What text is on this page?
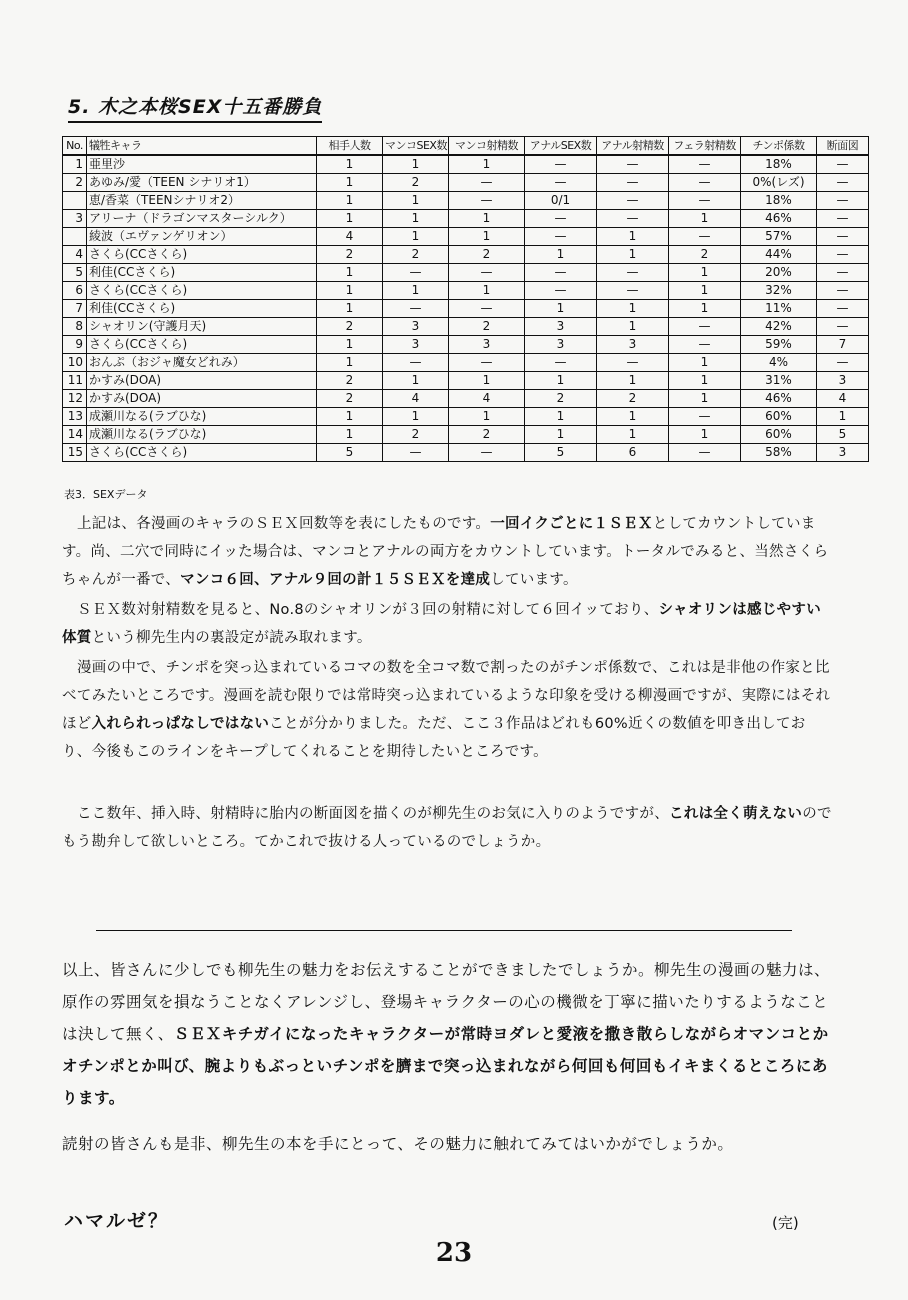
5. 木之本桜SEX十五番勝負
No.	犠牲キャラ	相手人数	マンコSEX数	マンコ射精数	アナルSEX数	アナル射精数	フェラ射精数	チンポ係数	断面図
1	亜里沙	1	1	1	—	—	—	18%	—
2	あゆみ/愛（TEEN シナリオ1）	1	2	—	—	—	—	0%(レズ)	—
	恵/香菜（TEENシナリオ2）	1	1	—	0/1	—	—	18%	—
3	アリーナ（ドラゴンマスターシルク）	1	1	1	—	—	1	46%	—
	綾波（エヴァンゲリオン）	4	1	1	—	1	—	57%	—
4	さくら(CCさくら)	2	2	2	1	1	2	44%	—
5	利佳(CCさくら)	1	—	—	—	—	1	20%	—
6	さくら(CCさくら)	1	1	1	—	—	1	32%	—
7	利佳(CCさくら)	1	—	—	1	1	1	11%	—
8	シャオリン(守護月天)	2	3	2	3	1	—	42%	—
9	さくら(CCさくら)	1	3	3	3	3	—	59%	7
10	おんぷ（おジャ魔女どれみ）	1	—	—	—	—	1	4%	—
11	かすみ(DOA)	2	1	1	1	1	1	31%	3
12	かすみ(DOA)	2	4	4	2	2	1	46%	4
13	成瀬川なる(ラブひな)	1	1	1	1	1	—	60%	1
14	成瀬川なる(ラブひな)	1	2	2	1	1	1	60%	5
15	さくら(CCさくら)	5	—	—	5	6	—	58%	3
表3．SEXデータ

上記は、各漫画のキャラのＳＥＸ回数等を表にしたものです。一回イクごとに１ＳＥＸとしてカウントしています。尚、二穴で同時にイッた場合は、マンコとアナルの両方をカウントしています。トータルでみると、当然さくらちゃんが一番で、マンコ６回、アナル９回の計１５ＳＥＸを達成しています。

ＳＥＸ数対射精数を見ると、No.8のシャオリンが３回の射精に対して６回イッており、シャオリンは感じやすい体質という柳先生内の裏設定が読み取れます。

漫画の中で、チンポを突っ込まれているコマの数を全コマ数で割ったのがチンポ係数で、これは是非他の作家と比べてみたいところです。漫画を読む限りでは常時突っ込まれているような印象を受ける柳漫画ですが、実際にはそれほど入れられっぱなしではないことが分かりました。ただ、ここ３作品はどれも60%近くの数値を叩き出しており、今後もこのラインをキープしてくれることを期待したいところです。

ここ数年、挿入時、射精時に胎内の断面図を描くのが柳先生のお気に入りのようですが、これは全く萌えないのでもう勘弁して欲しいところ。てかこれで抜ける人っているのでしょうか。

以上、皆さんに少しでも柳先生の魅力をお伝えすることができましたでしょうか。柳先生の漫画の魅力は、原作の雰囲気を損なうことなくアレンジし、登場キャラクターの心の機微を丁寧に描いたりするようなことは決して無く、ＳＥＸキチガイになったキャラクターが常時ヨダレと愛液を撒き散らしながらオマンコとかオチンポとか叫び、腕よりもぶっといチンポを臍まで突っ込まれながら何回も何回もイキまくるところにあります。

読射の皆さんも是非、柳先生の本を手にとって、その魅力に触れてみてはいかがでしょうか。

ハマルゼ？	(完)
23
